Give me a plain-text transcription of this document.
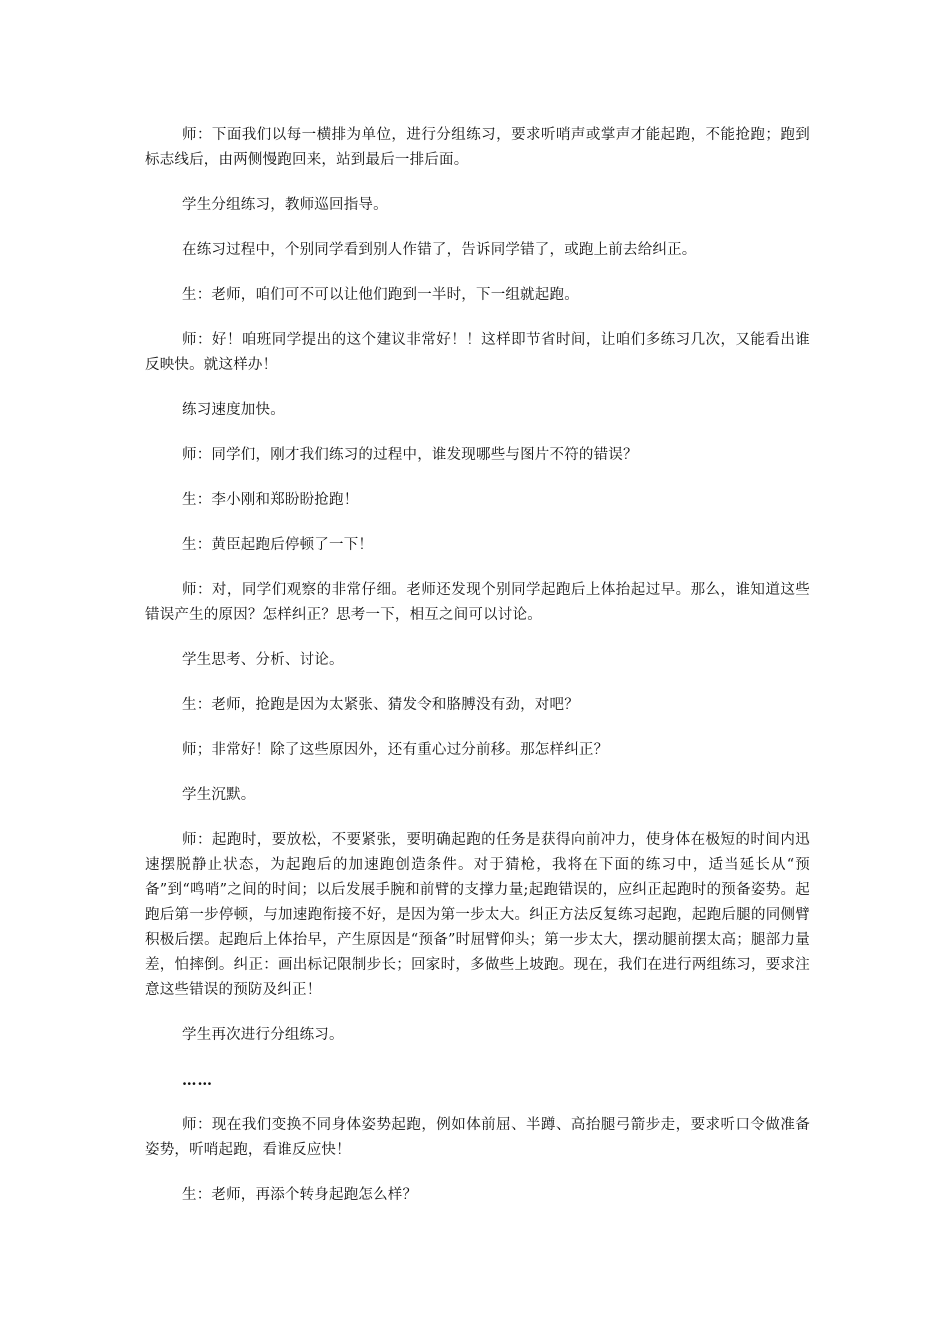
师：下面我们以每一横排为单位，进行分组练习，要求听哨声或掌声才能起跑，不能抢跑；跑到标志线后，由两侧慢跑回来，站到最后一排后面。

学生分组练习，教师巡回指导。

在练习过程中，个别同学看到别人作错了，告诉同学错了，或跑上前去给纠正。

生：老师，咱们可不可以让他们跑到一半时，下一组就起跑。

师：好！咱班同学提出的这个建议非常好！！这样即节省时间，让咱们多练习几次，又能看出谁反映快。就这样办！

练习速度加快。

师：同学们，刚才我们练习的过程中，谁发现哪些与图片不符的错误？

生：李小刚和郑盼盼抢跑！

生：黄臣起跑后停顿了一下！

师：对，同学们观察的非常仔细。老师还发现个别同学起跑后上体抬起过早。那么，谁知道这些错误产生的原因？怎样纠正？思考一下，相互之间可以讨论。

学生思考、分析、讨论。

生：老师，抢跑是因为太紧张、猜发令和胳膊没有劲，对吧？

师；非常好！除了这些原因外，还有重心过分前移。那怎样纠正？

学生沉默。

师：起跑时，要放松，不要紧张，要明确起跑的任务是获得向前冲力，使身体在极短的时间内迅速摆脱静止状态，为起跑后的加速跑创造条件。对于猜枪，我将在下面的练习中，适当延长从“预备”到“鸣哨”之间的时间；以后发展手腕和前臂的支撑力量;起跑错误的，应纠正起跑时的预备姿势。起跑后第一步停顿，与加速跑衔接不好，是因为第一步太大。纠正方法反复练习起跑，起跑后腿的同侧臂积极后摆。起跑后上体抬早，产生原因是“预备”时屈臂仰头；第一步太大，摆动腿前摆太高；腿部力量差，怕摔倒。纠正：画出标记限制步长；回家时，多做些上坡跑。现在，我们在进行两组练习，要求注意这些错误的预防及纠正！

学生再次进行分组练习。

……

师：现在我们变换不同身体姿势起跑，例如体前屈、半蹲、高抬腿弓箭步走，要求听口令做准备姿势，听哨起跑，看谁反应快！

生：老师，再添个转身起跑怎么样？
